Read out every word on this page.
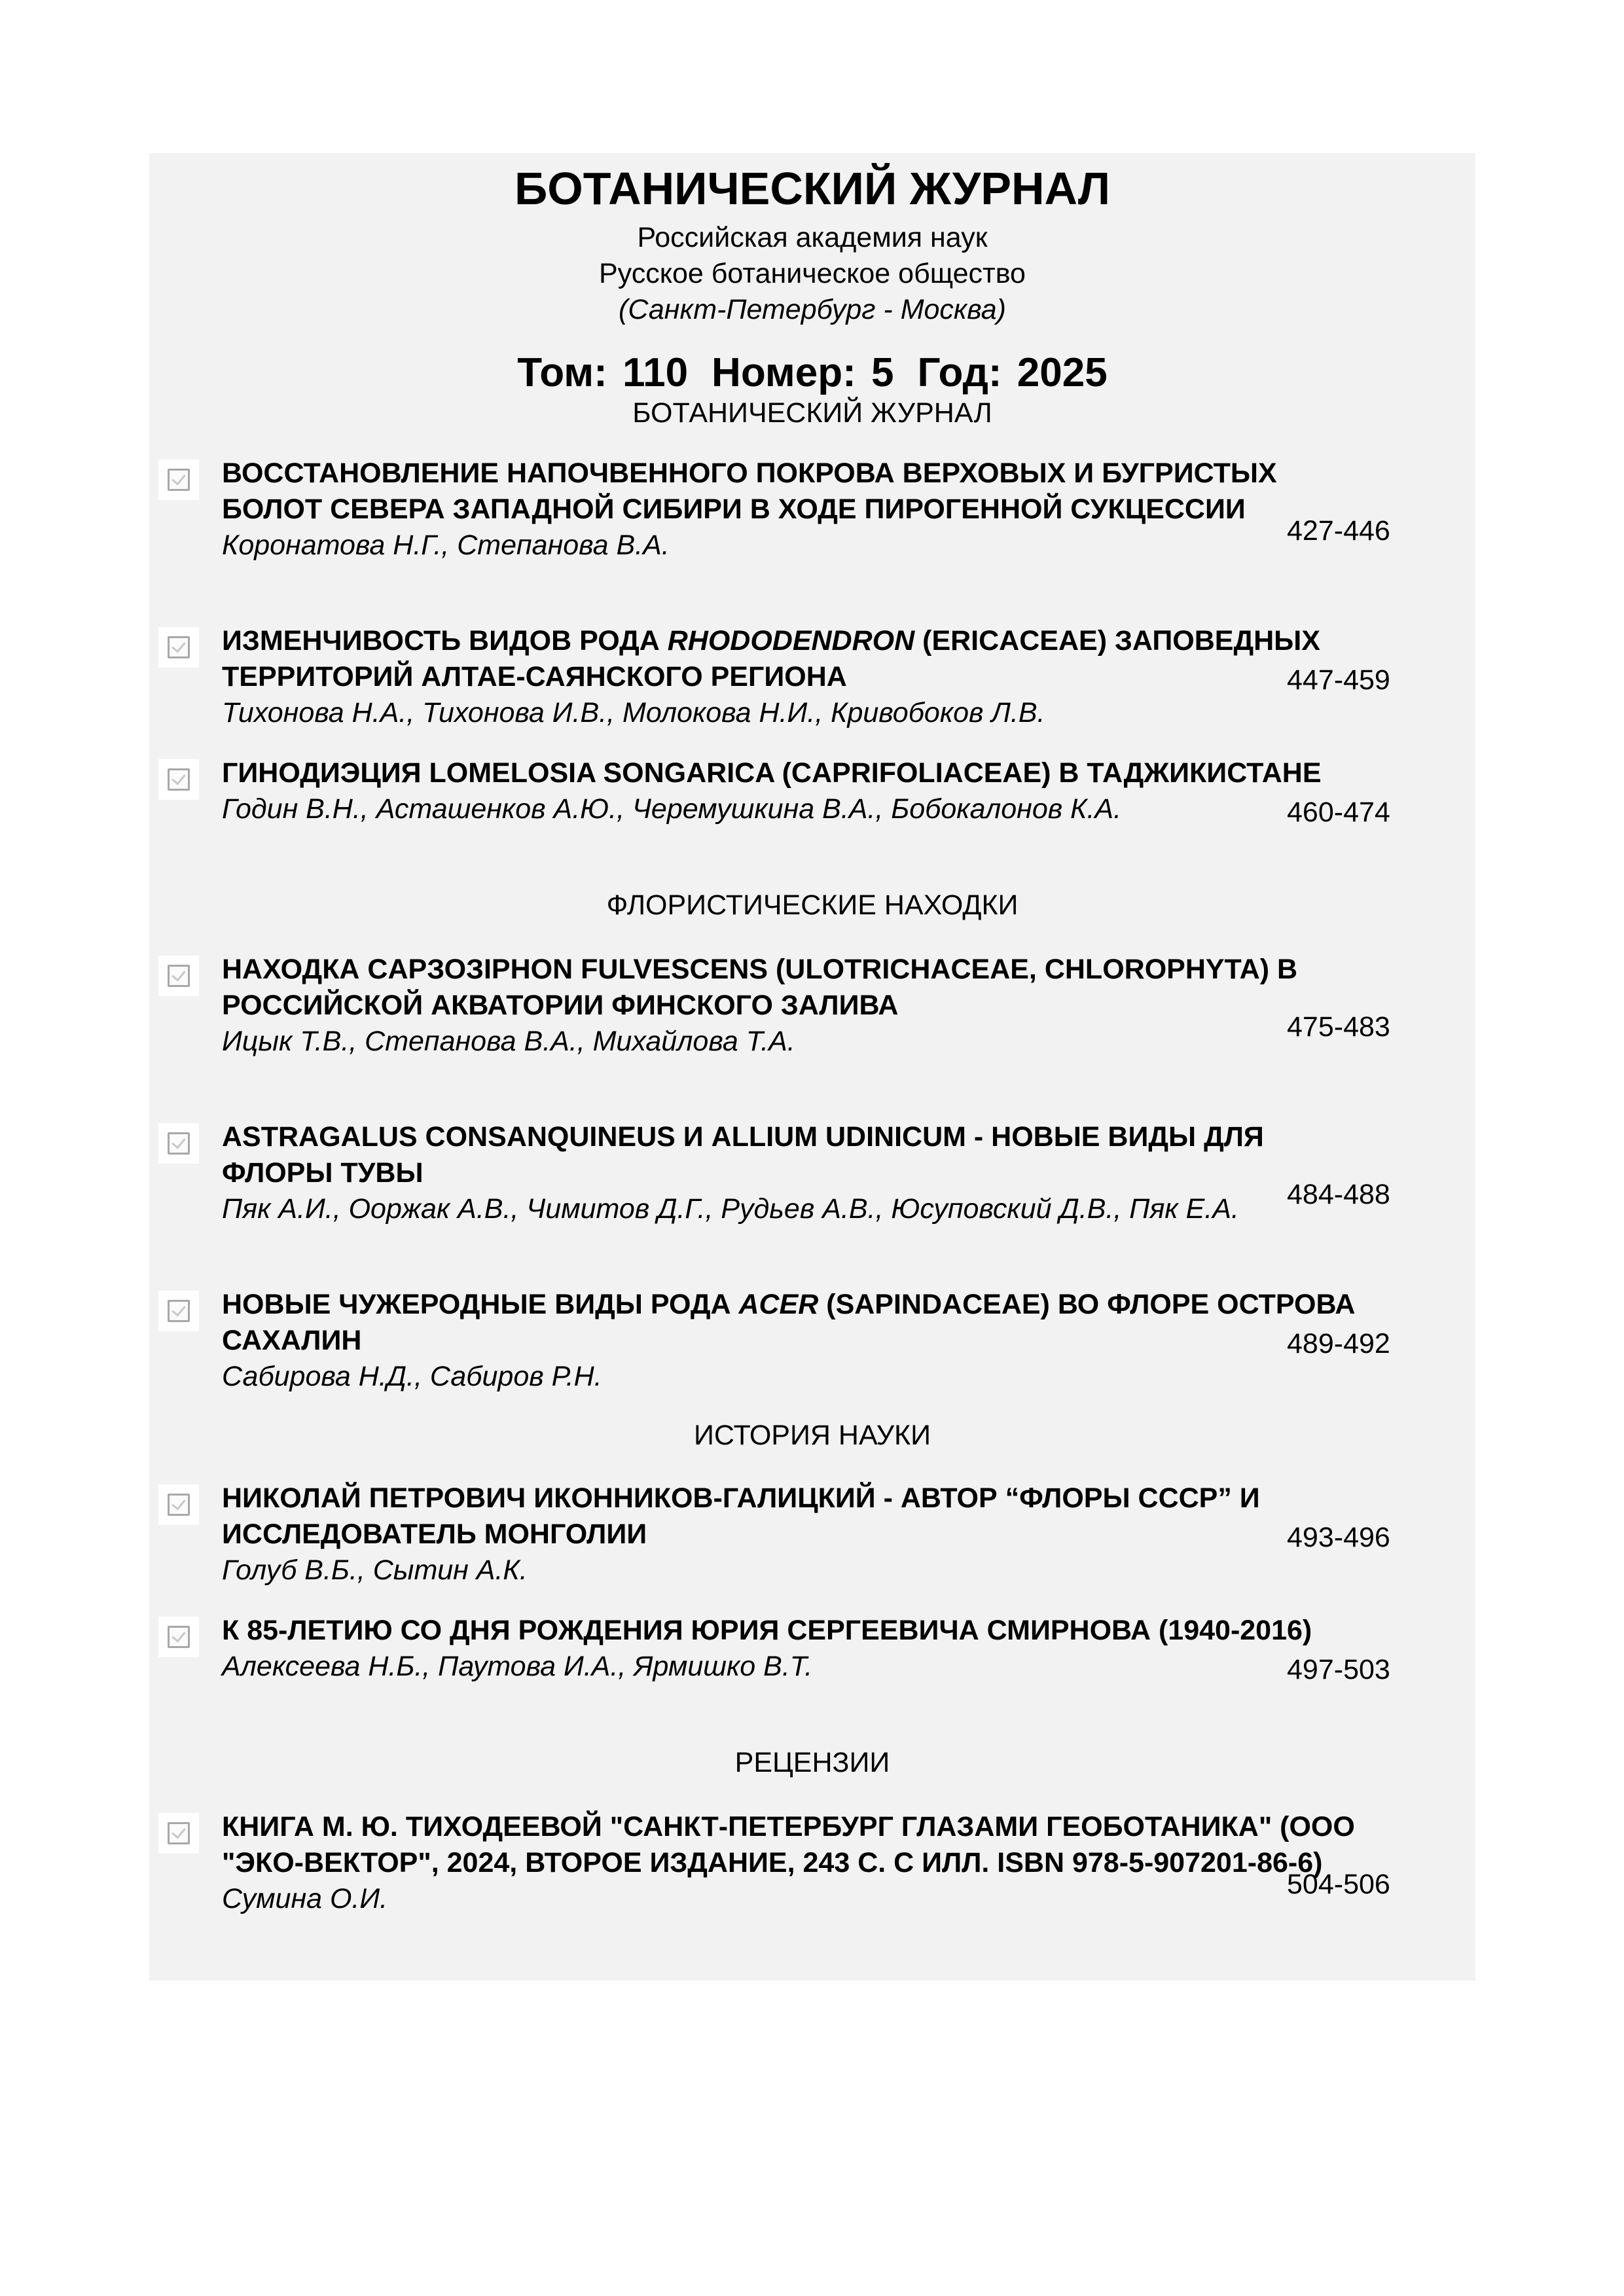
БОТАНИЧЕСКИЙ ЖУРНАЛ
Российская академия наук
Русское ботаническое общество
(Санкт-Петербург - Москва)
Том: 110 Номер: 5 Год: 2025
БОТАНИЧЕСКИЙ ЖУРНАЛ
ВОССТАНОВЛЕНИЕ НАПОЧВЕННОГО ПОКРОВА ВЕРХОВЫХ И БУГРИСТЫХ БОЛОТ СЕВЕРА ЗАПАДНОЙ СИБИРИ В ХОДЕ ПИРОГЕННОЙ СУКЦЕССИИ
Коронатова Н.Г., Степанова В.А.	427-446
ИЗМЕНЧИВОСТЬ ВИДОВ РОДА RHODODENDRON (ERICACEAE) ЗАПОВЕДНЫХ ТЕРРИТОРИЙ АЛТАЕ-САЯНСКОГО РЕГИОНА
Тихонова Н.А., Тихонова И.В., Молокова Н.И., Кривобоков Л.В.
447-459
ГИНОДИЭЦИЯ LOMELOSIA SONGARICA (CAPRIFOLIACEAE) В ТАДЖИКИСТАНЕ
Годин В.Н., Асташенков А.Ю., Черемушкина В.А., Бобокалонов К.А.	460-474
ФЛОРИСТИЧЕСКИЕ НАХОДКИ
НАХОДКА CAPЗОЗIPHON FULVESCENS (ULOTRICHACEAE, CHLOROPHYTA) В РОССИЙСКОЙ АКВАТОРИИ ФИНСКОГО ЗАЛИВА
Ицык Т.В., Степанова В.А., Михайлова Т.А.	475-483
ASTRAGALUS CONSANQUINEUS И ALLIUM UDINICUM - НОВЫЕ ВИДЫ ДЛЯ ФЛОРЫ ТУВЫ
Пяк А.И., Ооржак А.В., Чимитов Д.Г., Рудьев А.В., Юсуповский Д.В., Пяк Е.А.	484-488
НОВЫЕ ЧУЖЕРОДНЫЕ ВИДЫ РОДА ACER (SAPINDACEAE) ВО ФЛОРЕ ОСТРОВА САХАЛИН
Сабирова Н.Д., Сабиров Р.Н.
489-492
ИСТОРИЯ НАУКИ
НИКОЛАЙ ПЕТРОВИЧ ИКОННИКОВ-ГАЛИЦКИЙ - АВТОР “ФЛОРЫ СССР” И ИССЛЕДОВАТЕЛЬ МОНГОЛИИ
Голуб В.Б., Сытин А.К.
493-496
К 85-ЛЕТИЮ СО ДНЯ РОЖДЕНИЯ ЮРИЯ СЕРГЕЕВИЧА СМИРНОВА (1940-2016)
Алексеева Н.Б., Паутова И.А., Ярмишко В.Т.	497-503
РЕЦЕНЗИИ
КНИГА М. Ю. ТИХОДЕЕВОЙ "САНКТ-ПЕТЕРБУРГ ГЛАЗАМИ ГЕОБОТАНИКА" (ООО "ЭКО-ВЕКТОР", 2024, ВТОРОЕ ИЗДАНИЕ, 243 С. С ИЛЛ. ISBN 978-5-907201-86-6)
Сумина О.И.	504-506
